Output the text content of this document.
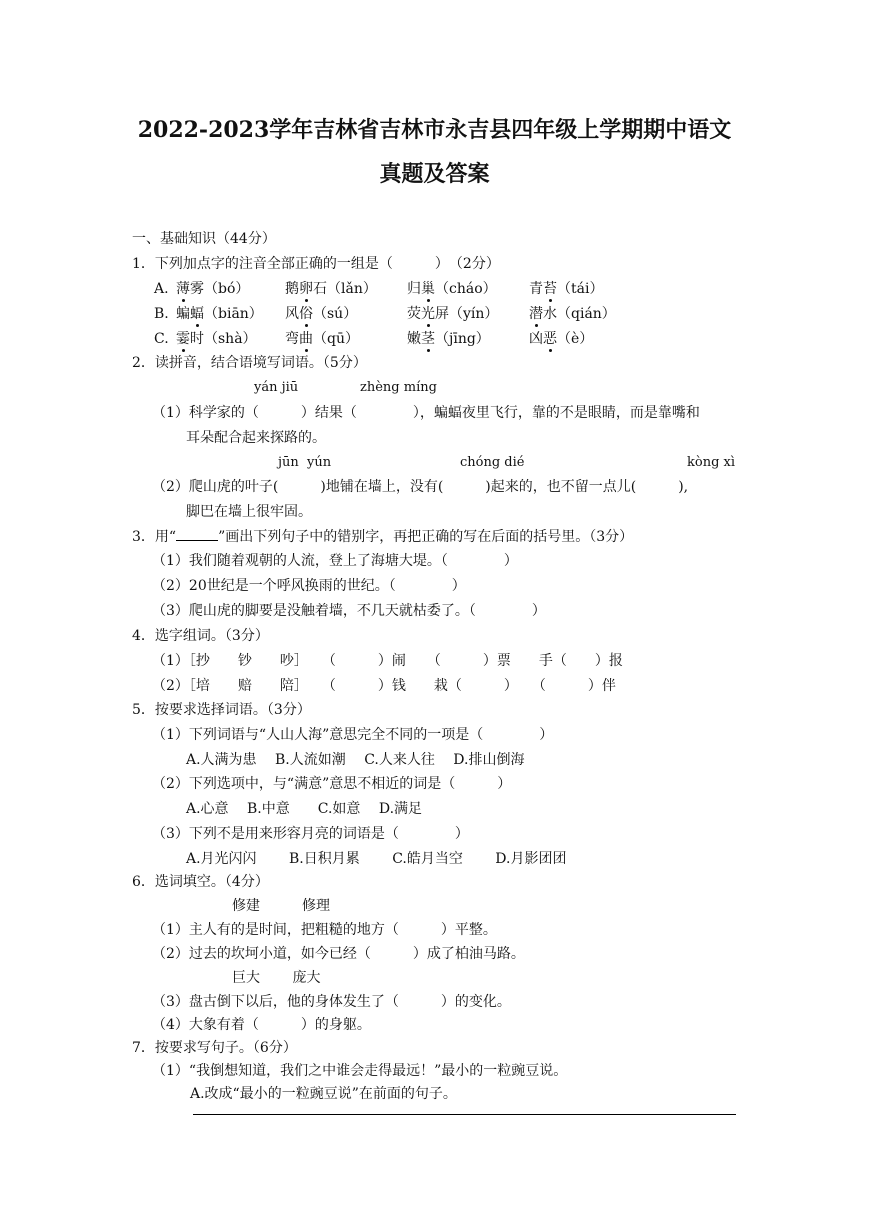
2022-2023学年吉林省吉林市永吉县四年级上学期期中语文
真题及答案
一、基础知识（44分）
1．下列加点字的注音全部正确的一组是（　　　）　（2分）
A. 薄雾（bó）	鹅卵石（lǎn） 归巢（cháo） 青苔（tái）
B. 蝙蝠（biān） 风俗（sú）	荧光屏（yín） 潜水（qián）
C. 霎时（shà） 弯曲（qū）	嫩茎（jīng）	凶恶（è）
2．读拼音，结合语境写词语。（5分）
yán jiū	zhèng míng
（1）科学家的（　　　）结果（　　　　），蝙蝠夜里飞行，靠的不是眼睛，而是靠嘴和
耳朵配合起来探路的。
jūn  yún	chóng dié	kòng xì
（2）爬山虎的叶子(　　　)地铺在墙上，没有(　　　)起来的，也不留一点儿(　　　),
脚巴在墙上很牢固。
3．用“	”画出下列句子中的错别字，再把正确的写在后面的括号里。（3分）
（1）我们随着观朝的人流，登上了海塘大堤。（　　　　）
（2）20世纪是一个呼风换雨的世纪。（　　　　）
（3）爬山虎的脚要是没触着墙，不几天就枯委了。（　　　　）
4．选字组词。（3分）
（1）［抄　　钞　　吵］　　（　　　）闹　　（　　　）票　　手（　　）报
（2）［培　　赔　　陪］　　（　　　）钱　　栽（　　　）　　（　　　）伴
5．按要求选择词语。（3分）
（1）下列词语与“人山人海”意思完全不同的一项是（　　　　）
A.人满为患　 B.人流如潮　 C.人来人往　 D.排山倒海
（2）下列选项中，与“满意”意思不相近的词是（　　　）
A.心意　 B.中意　　C.如意　 D.满足
（3）下列不是用来形容月亮的词语是（　　　　）
A.月光闪闪　　 B.日积月累　　 C.皓月当空　　 D.月影团团
6．选词填空。（4分）
修建　　　修理
（1）主人有的是时间，把粗糙的地方（　　　）平整。
（2）过去的坎坷小道，如今已经（　　　）成了柏油马路。
巨大　　 庞大
（3）盘古倒下以后，他的身体发生了（　　　）的变化。
（4）大象有着（　　　）的身躯。
7．按要求写句子。（6分）
（1）“我倒想知道，我们之中谁会走得最远！”最小的一粒豌豆说。
A.改成“最小的一粒豌豆说”在前面的句子。
